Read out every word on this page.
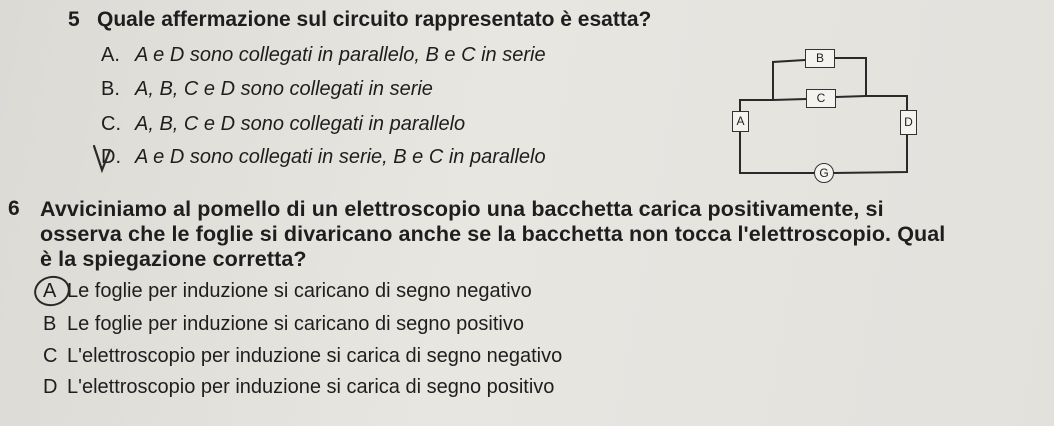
5 Quale affermazione sul circuito rappresentato è esatta?
A. A e D sono collegati in parallelo, B e C in serie
B. A, B, C e D sono collegati in serie
C. A, B, C e D sono collegati in parallelo
D. A e D sono collegati in serie, B e C in parallelo
B
C
A	D
G
6 Avviciniamo al pomello di un elettroscopio una bacchetta carica positivamente, si
osserva che le foglie si divaricano anche se la bacchetta non tocca l'elettroscopio. Qual
è la spiegazione corretta?
A Le foglie per induzione si caricano di segno negativo
B Le foglie per induzione si caricano di segno positivo
C L'elettroscopio per induzione si carica di segno negativo
D L'elettroscopio per induzione si carica di segno positivo
